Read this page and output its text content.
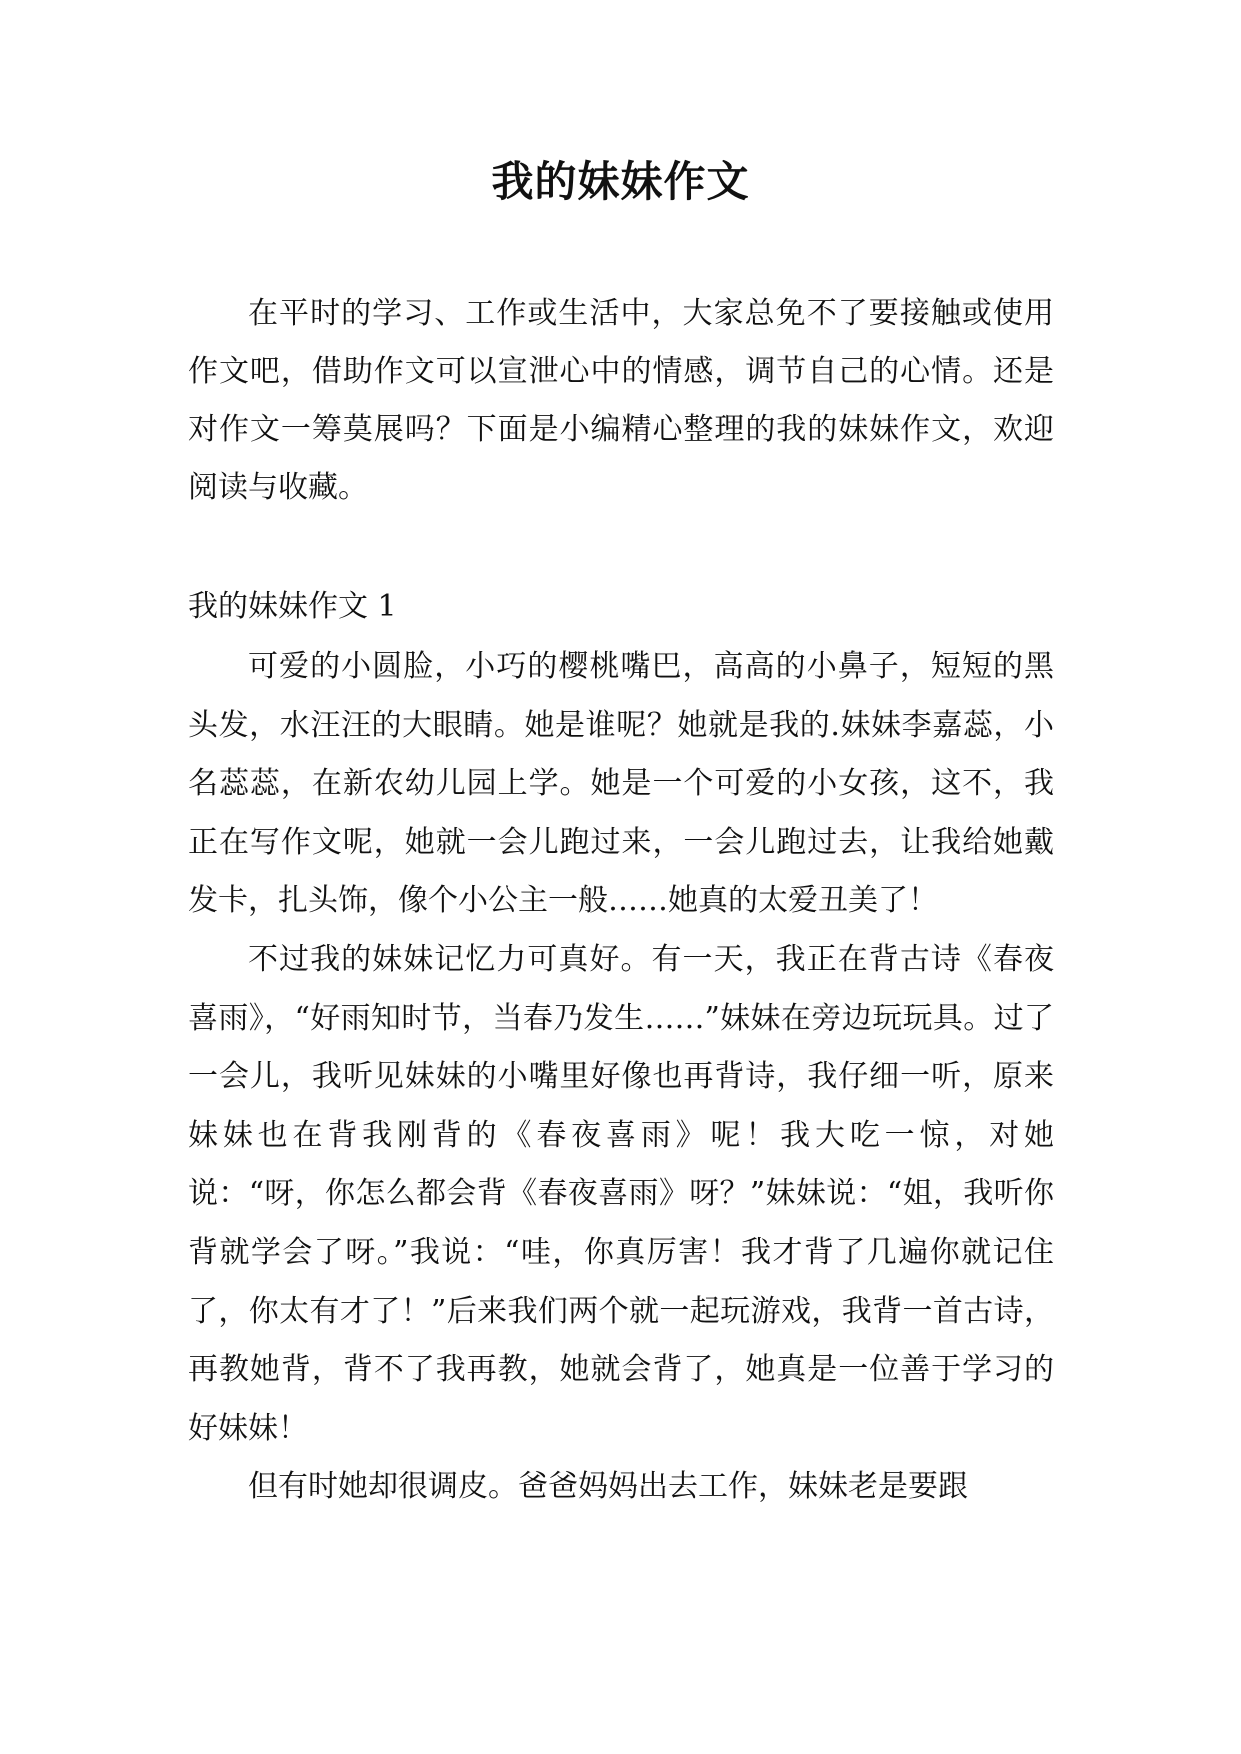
我的妹妹作文

在平时的学习、工作或生活中，大家总免不了要接触或使用作文吧，借助作文可以宣泄心中的情感，调节自己的心情。还是对作文一筹莫展吗？下面是小编精心整理的我的妹妹作文，欢迎阅读与收藏。

我的妹妹作文 1

可爱的小圆脸，小巧的樱桃嘴巴，高高的小鼻子，短短的黑头发，水汪汪的大眼睛。她是谁呢？她就是我的.妹妹李嘉蕊，小名蕊蕊，在新农幼儿园上学。她是一个可爱的小女孩，这不，我正在写作文呢，她就一会儿跑过来，一会儿跑过去，让我给她戴发卡，扎头饰，像个小公主一般……她真的太爱丑美了！

不过我的妹妹记忆力可真好。有一天，我正在背古诗《春夜喜雨》，“好雨知时节，当春乃发生……”妹妹在旁边玩玩具。过了一会儿，我听见妹妹的小嘴里好像也再背诗，我仔细一听，原来妹妹也在背我刚背的《春夜喜雨》呢！我大吃一惊，对她说：“呀，你怎么都会背《春夜喜雨》呀？”妹妹说：“姐，我听你背就学会了呀。”我说：“哇，你真厉害！我才背了几遍你就记住了，你太有才了！”后来我们两个就一起玩游戏，我背一首古诗，再教她背，背不了我再教，她就会背了，她真是一位善于学习的好妹妹！

但有时她却很调皮。爸爸妈妈出去工作，妹妹老是要跟
